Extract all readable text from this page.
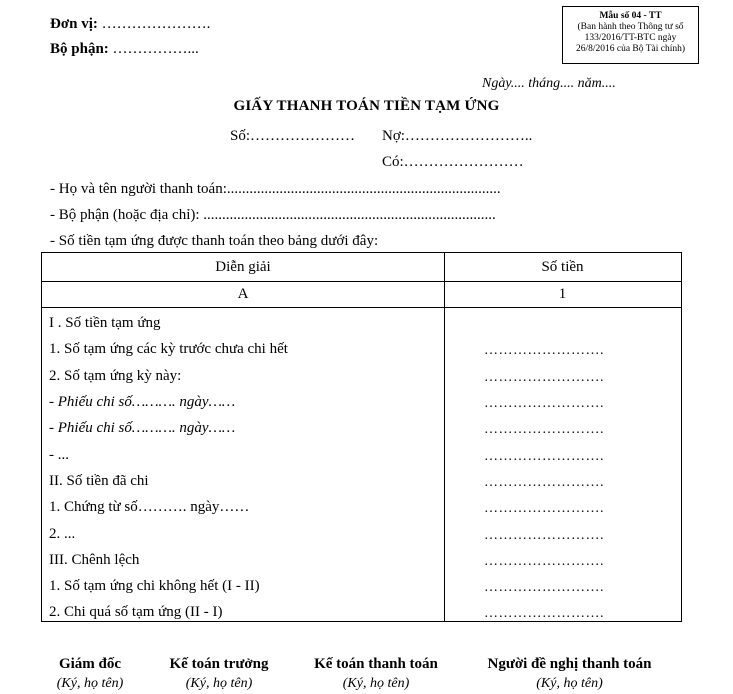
Đơn vị: ………………….
Bộ phận: ……………...
Mẫu số 04 - TT
(Ban hành theo Thông tư số
133/2016/TT-BTC ngày
26/8/2016 của Bộ Tài chính)
Ngày.... tháng.... năm....
GIẤY THANH TOÁN TIỀN TẠM ỨNG
Số:………………… Nợ:……………………..
Có:……………………
- Họ và tên người thanh toán:.........................................................................
- Bộ phận (hoặc địa chỉ): ..............................................................................
- Số tiền tạm ứng được thanh toán theo bảng dưới đây:
Diễn giải	Số tiền
A	1
I . Số tiền tạm ứng
1. Số tạm ứng các kỳ trước chưa chi hết	…………………….
2. Số tạm ứng kỳ này:	…………………….
- Phiếu chi số………. ngày……	…………………….
- Phiếu chi số………. ngày……	…………………….
- ...	…………………….
II. Số tiền đã chi	…………………….
1. Chứng từ số………. ngày……	…………………….
2. ...	…………………….
III. Chênh lệch	…………………….
1. Số tạm ứng chi không hết (I - II)	…………………….
2. Chi quá số tạm ứng (II - I)	…………………….
Giám đốc
(Ký, họ tên)
Kế toán trưởng
(Ký, họ tên)
Kế toán thanh toán
(Ký, họ tên)
Người đề nghị thanh toán
(Ký, họ tên)
